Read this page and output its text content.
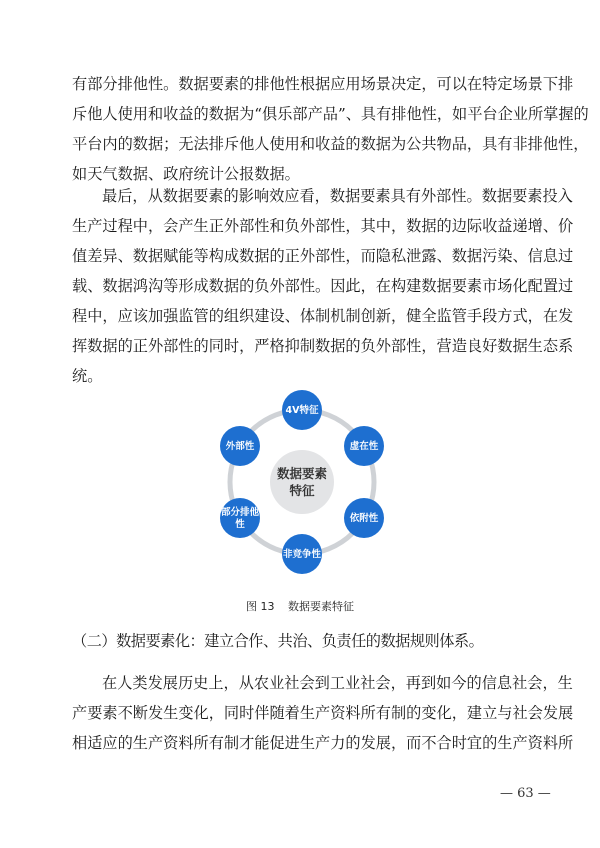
有部分排他性。数据要素的排他性根据应用场景决定，可以在特定场景下排
斥他人使用和收益的数据为“俱乐部产品”、具有排他性，如平台企业所掌握的
平台内的数据；无法排斥他人使用和收益的数据为公共物品，具有非排他性，
如天气数据、政府统计公报数据。
最后，从数据要素的影响效应看，数据要素具有外部性。数据要素投入
生产过程中，会产生正外部性和负外部性，其中，数据的边际收益递增、价
值差异、数据赋能等构成数据的正外部性，而隐私泄露、数据污染、信息过
载、数据鸿沟等形成数据的负外部性。因此，在构建数据要素市场化配置过
程中，应该加强监管的组织建设、体制机制创新，健全监管手段方式，在发
挥数据的正外部性的同时，严格抑制数据的负外部性，营造良好数据生态系
统。
数据要素
特征
4V特征
虚在性
依附性
非竞争性
部分排他
性
外部性
图 13 数据要素特征

（二）数据要素化：建立合作、共治、负责任的数据规则体系。

在人类发展历史上，从农业社会到工业社会，再到如今的信息社会，生
产要素不断发生变化，同时伴随着生产资料所有制的变化，建立与社会发展
相适应的生产资料所有制才能促进生产力的发展，而不合时宜的生产资料所
— 63 —
